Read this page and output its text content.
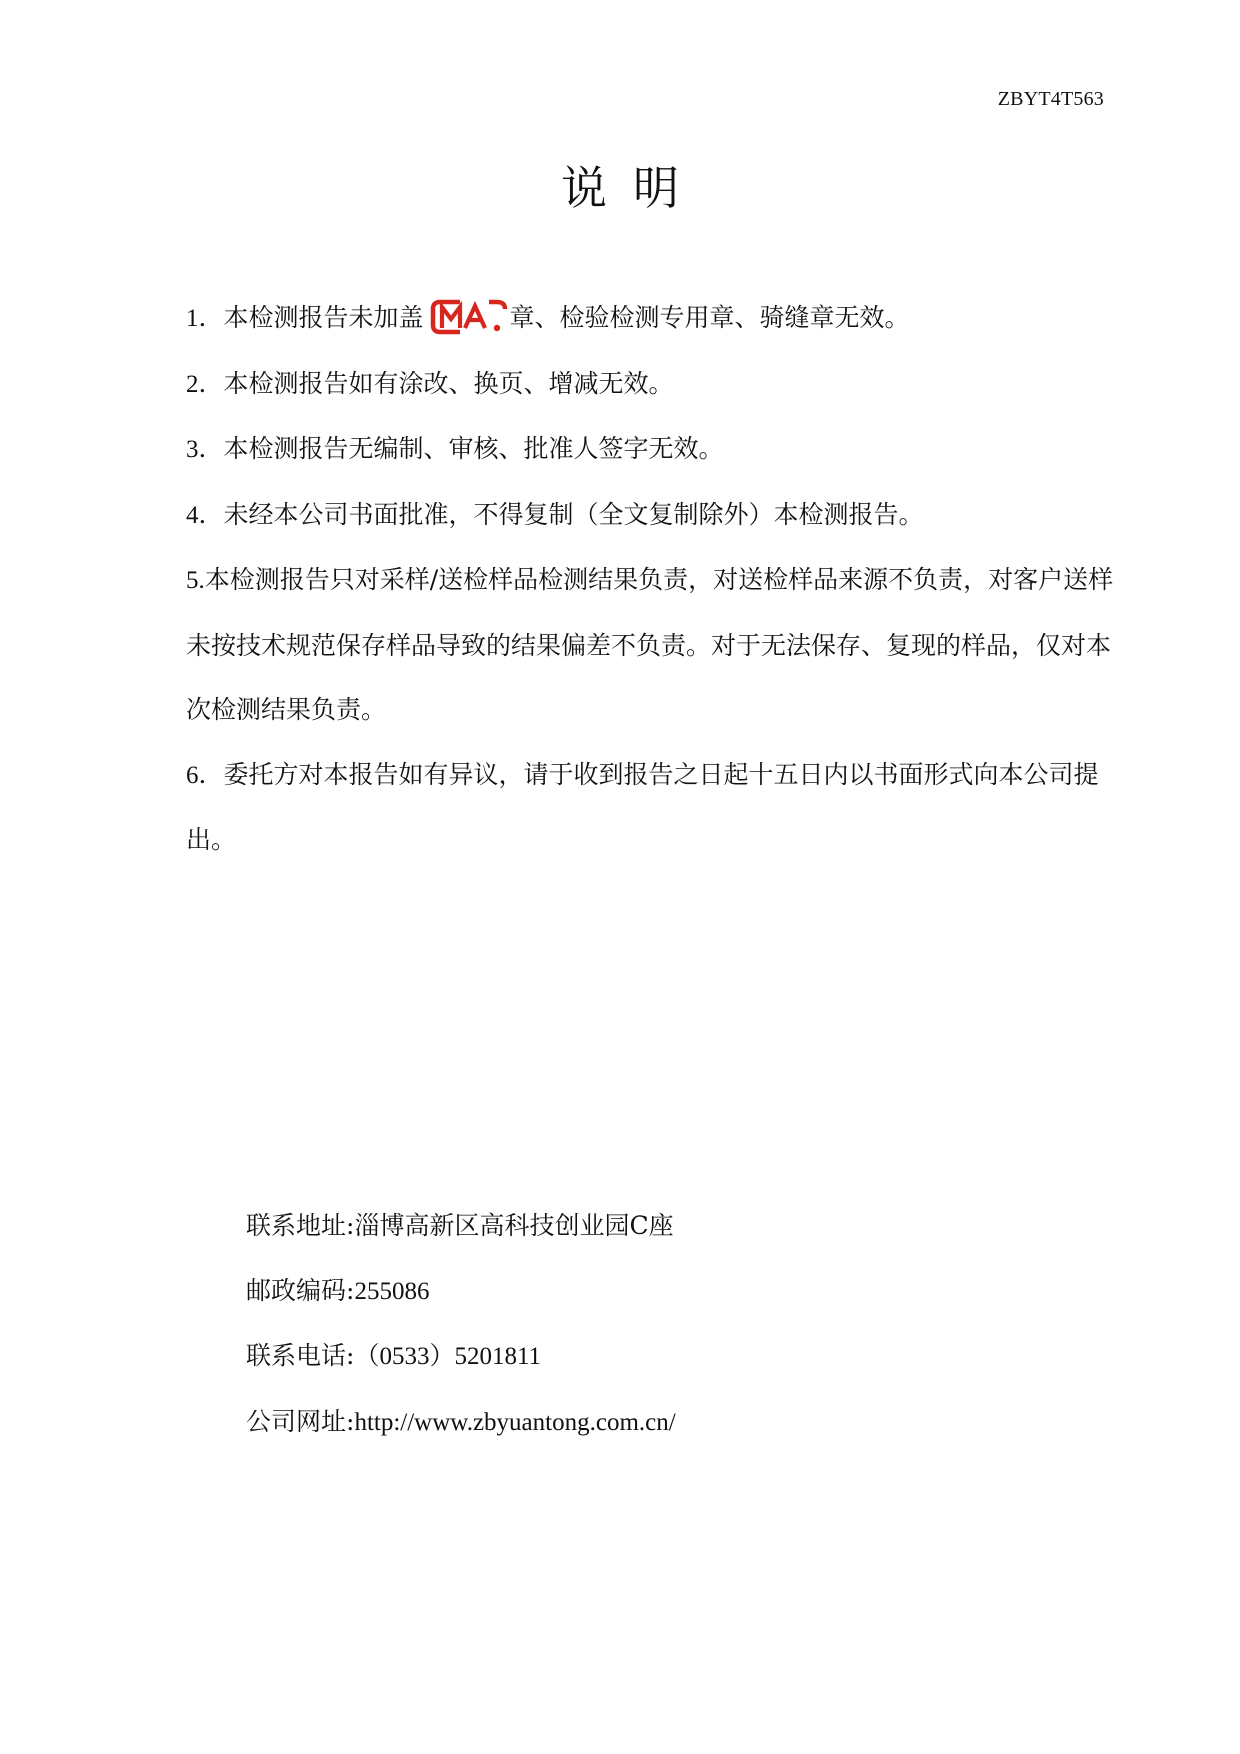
ZBYT4T563
说明

1．本检测报告未加盖	章、检验检测专用章、骑缝章无效。

2．本检测报告如有涂改、换页、增减无效。

3．本检测报告无编制、审核、批准人签字无效。

4．未经本公司书面批准，不得复制（全文复制除外）本检测报告。

5.本检测报告只对采样/送检样品检测结果负责，对送检样品来源不负责，对客户送样未按技术规范保存样品导致的结果偏差不负责。对于无法保存、复现的样品，仅对本次检测结果负责。

6．委托方对本报告如有异议，请于收到报告之日起十五日内以书面形式向本公司提出。

联系地址:淄博高新区高科技创业园C座

邮政编码:255086

联系电话:（0533）5201811

公司网址:http://www.zbyuantong.com.cn/
